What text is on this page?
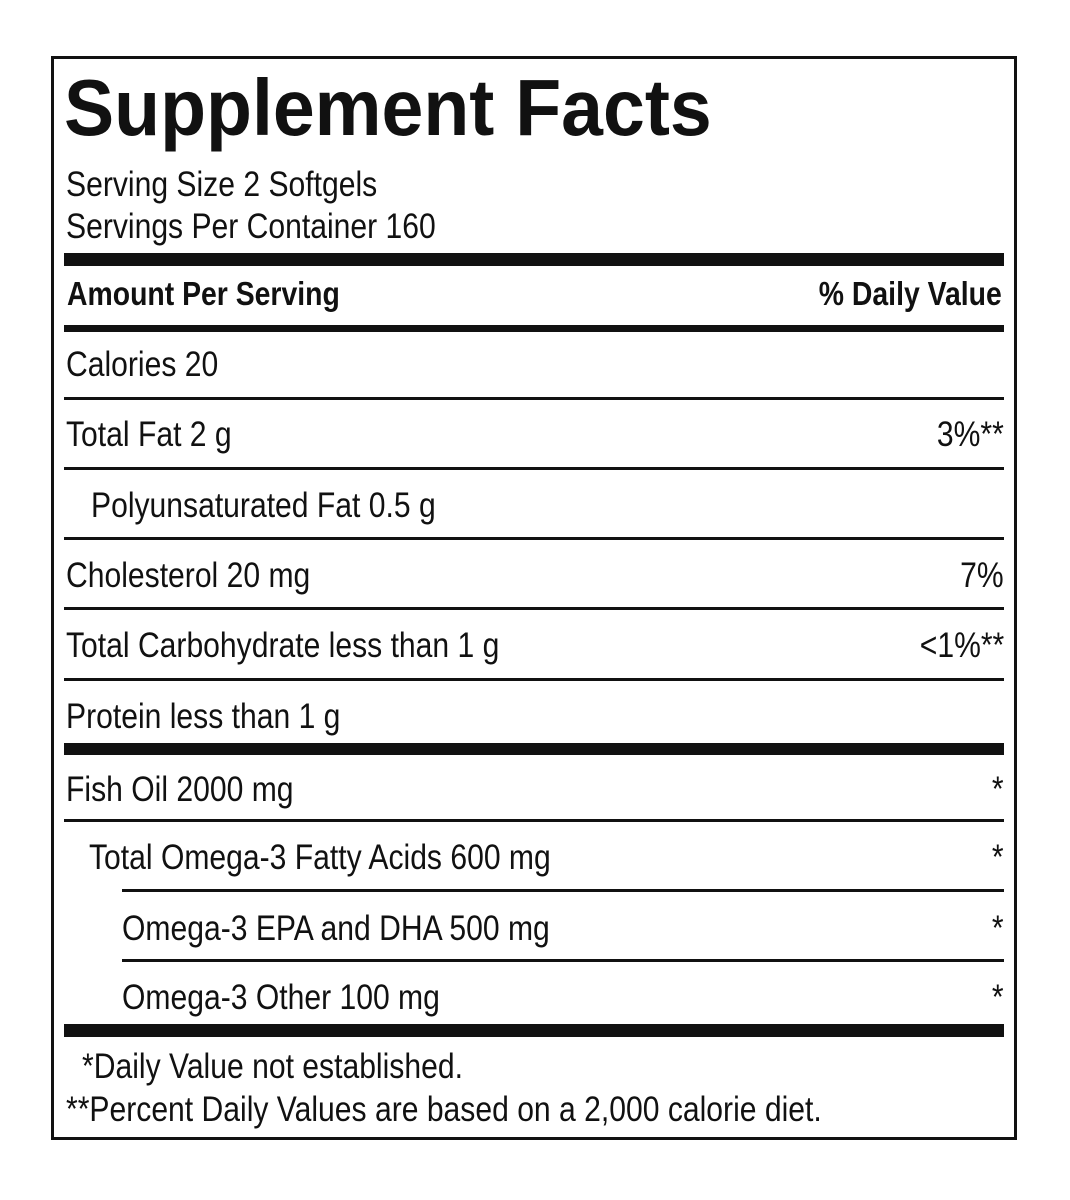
Supplement Facts
Serving Size 2 Softgels
Servings Per Container 160
Amount Per Serving	% Daily Value
Calories 20
Total Fat 2 g	3%**
Polyunsaturated Fat 0.5 g
Cholesterol 20 mg	7%
Total Carbohydrate less than 1 g	<1%**
Protein less than 1 g
Fish Oil 2000 mg	*
Total Omega-3 Fatty Acids 600 mg	*
Omega-3 EPA and DHA 500 mg	*
Omega-3 Other 100 mg	*
*Daily Value not established.
**Percent Daily Values are based on a 2,000 calorie diet.
